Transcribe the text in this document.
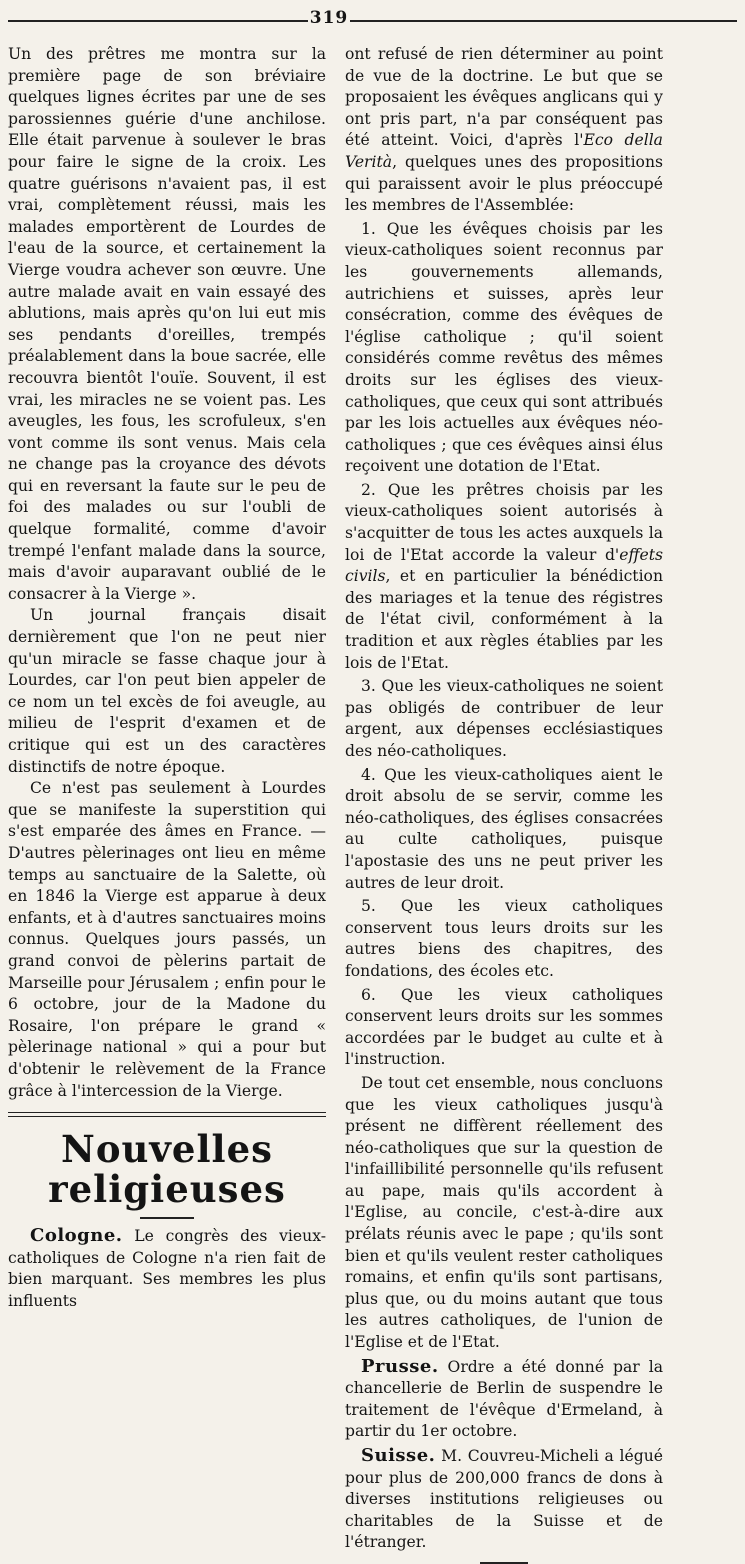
319

Un des prêtres me montra sur la première page de son bréviaire quelques lignes écrites par une de ses parossiennes guérie d'une anchilose. Elle était parvenue à soulever le bras pour faire le signe de la croix. Les quatre guérisons n'avaient pas, il est vrai, complètement réussi, mais les malades emportèrent de Lourdes de l'eau de la source, et certainement la Vierge voudra achever son œuvre. Une autre malade avait en vain essayé des ablutions, mais après qu'on lui eut mis ses pendants d'oreilles, trempés préalablement dans la boue sacrée, elle recouvra bientôt l'ouïe. Souvent, il est vrai, les miracles ne se voient pas. Les aveugles, les fous, les scrofuleux, s'en vont comme ils sont venus. Mais cela ne change pas la croyance des dévots qui en reversant la faute sur le peu de foi des malades ou sur l'oubli de quelque formalité, comme d'avoir trempé l'enfant malade dans la source, mais d'avoir auparavant oublié de le consacrer à la Vierge ».

Un journal français disait dernièrement que l'on ne peut nier qu'un miracle se fasse chaque jour à Lourdes, car l'on peut bien appeler de ce nom un tel excès de foi aveugle, au milieu de l'esprit d'examen et de critique qui est un des caractères distinctifs de notre époque.

Ce n'est pas seulement à Lourdes que se manifeste la superstition qui s'est emparée des âmes en France. — D'autres pèlerinages ont lieu en même temps au sanctuaire de la Salette, où en 1846 la Vierge est apparue à deux enfants, et à d'autres sanctuaires moins connus. Quelques jours passés, un grand convoi de pèlerins partait de Marseille pour Jérusalem ; enfin pour le 6 octobre, jour de la Madone du Rosaire, l'on prépare le grand « pèlerinage national » qui a pour but d'obtenir le relèvement de la France grâce à l'intercession de la Vierge.

Nouvelles religieuses

Cologne. Le congrès des vieux-catholiques de Cologne n'a rien fait de bien marquant. Ses membres les plus influents

ont refusé de rien déterminer au point de vue de la doctrine. Le but que se proposaient les évêques anglicans qui y ont pris part, n'a par conséquent pas été atteint. Voici, d'après l'Eco della Verità, quelques unes des propositions qui paraissent avoir le plus préoccupé les membres de l'Assemblée:

1. Que les évêques choisis par les vieux-catholiques soient reconnus par les gouvernements allemands, autrichiens et suisses, après leur consécration, comme des évêques de l'église catholique ; qu'il soient considérés comme revêtus des mêmes droits sur les églises des vieux-catholiques, que ceux qui sont attribués par les lois actuelles aux évêques néo-catholiques ; que ces évêques ainsi élus reçoivent une dotation de l'Etat.

2. Que les prêtres choisis par les vieux-catholiques soient autorisés à s'acquitter de tous les actes auxquels la loi de l'Etat accorde la valeur d'effets civils, et en particulier la bénédiction des mariages et la tenue des régistres de l'état civil, conformément à la tradition et aux règles établies par les lois de l'Etat.

3. Que les vieux-catholiques ne soient pas obligés de contribuer de leur argent, aux dépenses ecclésiastiques des néo-catholiques.

4. Que les vieux-catholiques aient le droit absolu de se servir, comme les néo-catholiques, des églises consacrées au culte catholiques, puisque l'apostasie des uns ne peut priver les autres de leur droit.

5. Que les vieux catholiques conservent tous leurs droits sur les autres biens des chapitres, des fondations, des écoles etc.

6. Que les vieux catholiques conservent leurs droits sur les sommes accordées par le budget au culte et à l'instruction.

De tout cet ensemble, nous concluons que les vieux catholiques jusqu'à présent ne diffèrent réellement des néo-catholiques que sur la question de l'infaillibilité personnelle qu'ils refusent au pape, mais qu'ils accordent à l'Eglise, au concile, c'est-à-dire aux prélats réunis avec le pape ; qu'ils sont bien et qu'ils veulent rester catholiques romains, et enfin qu'ils sont partisans, plus que, ou du moins autant que tous les autres catholiques, de l'union de l'Eglise et de l'Etat.

Prusse. Ordre a été donné par la chancellerie de Berlin de suspendre le traitement de l'évêque d'Ermeland, à partir du 1er octobre.

Suisse. M. Couvreu-Micheli a légué pour plus de 200,000 francs de dons à diverses institutions religieuses ou charitables de la Suisse et de l'étranger.
